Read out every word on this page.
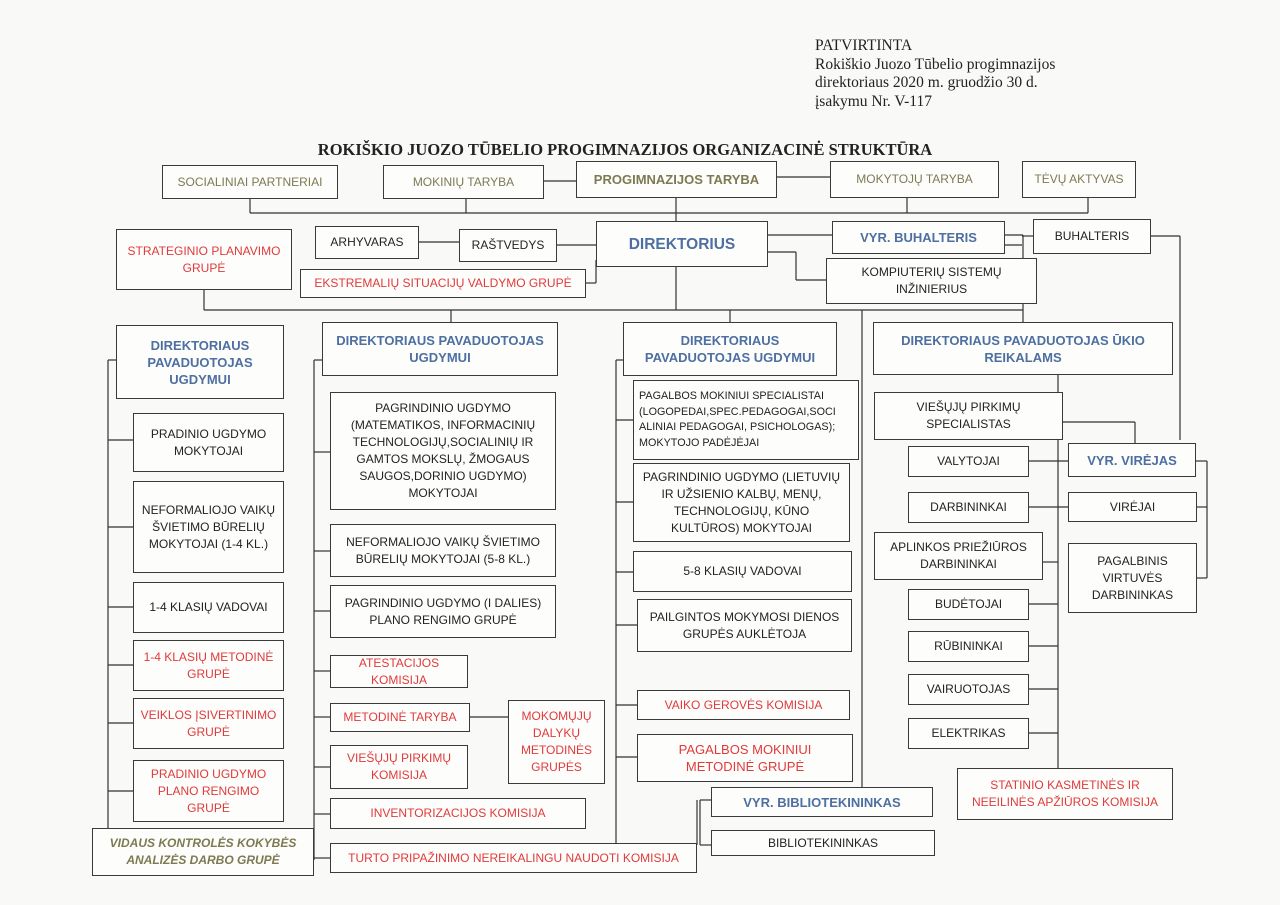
PATVIRTINTA
Rokiškio Juozo Tūbelio progimnazijos
direktoriaus 2020 m. gruodžio 30 d.
įsakymu Nr. V-117
ROKIŠKIO JUOZO TŪBELIO PROGIMNAZIJOS ORGANIZACINĖ STRUKTŪRA
SOCIALINIAI PARTNERIAI	MOKINIŲ TARYBA	PROGIMNAZIJOS TARYBA	MOKYTOJŲ TARYBA	TĖVŲ AKTYVAS
STRATEGINIO PLANAVIMO GRUPĖ
ARHYVARAS	RAŠTVEDYS	DIREKTORIUS	VYR. BUHALTERIS	BUHALTERIS
EKSTREMALIŲ SITUACIJŲ VALDYMO GRUPĖ
KOMPIUTERIŲ SISTEMŲ INŽINIERIUS
DIREKTORIAUS PAVADUOTOJAS UGDYMUI
PRADINIO UGDYMO MOKYTOJAI
NEFORMALIOJO VAIKŲ ŠVIETIMO BŪRELIŲ MOKYTOJAI (1-4 KL.)
1-4 KLASIŲ VADOVAI
1-4 KLASIŲ METODINĖ GRUPĖ
VEIKLOS ĮSIVERTINIMO GRUPĖ
PRADINIO UGDYMO PLANO RENGIMO GRUPĖ
VIDAUS KONTROLĖS KOKYBĖS ANALIZĖS DARBO GRUPĖ
DIREKTORIAUS PAVADUOTOJAS UGDYMUI
PAGRINDINIO UGDYMO (MATEMATIKOS, INFORMACINIŲ TECHNOLOGIJŲ,SOCIALINIŲ IR GAMTOS MOKSLŲ, ŽMOGAUS SAUGOS,DORINIO UGDYMO) MOKYTOJAI
NEFORMALIOJO VAIKŲ ŠVIETIMO BŪRELIŲ MOKYTOJAI (5-8 KL.)
PAGRINDINIO UGDYMO (I DALIES) PLANO RENGIMO GRUPĖ
ATESTACIJOS KOMISIJA
METODINĖ TARYBA
VIEŠŲJŲ PIRKIMŲ KOMISIJA
MOKOMŲJŲ DALYKŲ METODINĖS GRUPĖS
INVENTORIZACIJOS KOMISIJA
TURTO PRIPAŽINIMO NEREIKALINGU NAUDOTI KOMISIJA
DIREKTORIAUS PAVADUOTOJAS UGDYMUI
PAGALBOS MOKINIUI SPECIALISTAI (LOGOPEDAI,SPEC.PEDAGOGAI,SOCI ALINIAI PEDAGOGAI, PSICHOLOGAS); MOKYTOJO PADĖJĖJAI
PAGRINDINIO UGDYMO (LIETUVIŲ IR UŽSIENIO KALBŲ, MENŲ, TECHNOLOGIJŲ, KŪNO KULTŪROS) MOKYTOJAI
5-8 KLASIŲ VADOVAI
PAILGINTOS MOKYMOSI DIENOS GRUPĖS AUKLĖTOJA
VAIKO GEROVĖS KOMISIJA
PAGALBOS MOKINIUI METODINĖ GRUPĖ
VYR. BIBLIOTEKININKAS
BIBLIOTEKININKAS
DIREKTORIAUS PAVADUOTOJAS ŪKIO REIKALAMS
VIEŠŲJŲ PIRKIMŲ SPECIALISTAS
VALYTOJAI
DARBININKAI
APLINKOS PRIEŽIŪROS DARBININKAI
BUDĖTOJAI
RŪBININKAI
VAIRUOTOJAS
ELEKTRIKAS
STATINIO KASMETINĖS IR NEEILINĖS APŽIŪROS KOMISIJA
VYR. VIRĖJAS
VIRĖJAI
PAGALBINIS VIRTUVĖS DARBININKAS
